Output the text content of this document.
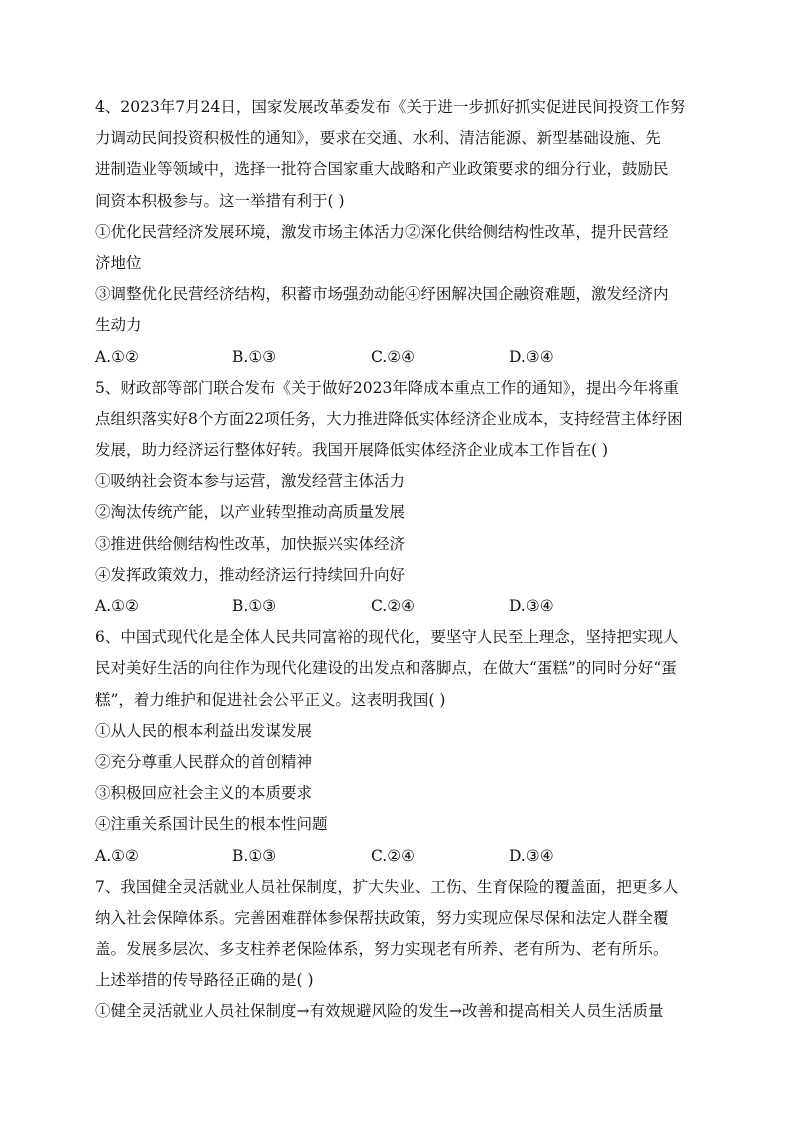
4、2023年7月24日，国家发展改革委发布《关于进一步抓好抓实促进民间投资工作努
力调动民间投资积极性的通知》，要求在交通、水利、清洁能源、新型基础设施、先
进制造业等领域中，选择一批符合国家重大战略和产业政策要求的细分行业，鼓励民
间资本积极参与。这一举措有利于( )
①优化民营经济发展环境，激发市场主体活力②深化供给侧结构性改革，提升民营经
济地位
③调整优化民营经济结构，积蓄市场强劲动能④纾困解决国企融资难题，激发经济内
生动力
A.①②	B.①③	C.②④	D.③④
5、财政部等部门联合发布《关于做好2023年降成本重点工作的通知》，提出今年将重
点组织落实好8个方面22项任务，大力推进降低实体经济企业成本，支持经营主体纾困
发展，助力经济运行整体好转。我国开展降低实体经济企业成本工作旨在( )
①吸纳社会资本参与运营，激发经营主体活力
②淘汰传统产能，以产业转型推动高质量发展
③推进供给侧结构性改革，加快振兴实体经济
④发挥政策效力，推动经济运行持续回升向好
A.①②	B.①③	C.②④	D.③④
6、中国式现代化是全体人民共同富裕的现代化，要坚守人民至上理念，坚持把实现人
民对美好生活的向往作为现代化建设的出发点和落脚点，在做大“蛋糕”的同时分好“蛋
糕”，着力维护和促进社会公平正义。这表明我国( )
①从人民的根本利益出发谋发展
②充分尊重人民群众的首创精神
③积极回应社会主义的本质要求
④注重关系国计民生的根本性问题
A.①②	B.①③	C.②④	D.③④
7、我国健全灵活就业人员社保制度，扩大失业、工伤、生育保险的覆盖面，把更多人
纳入社会保障体系。完善困难群体参保帮扶政策，努力实现应保尽保和法定人群全覆
盖。发展多层次、多支柱养老保险体系，努力实现老有所养、老有所为、老有所乐。
上述举措的传导路径正确的是( )
①健全灵活就业人员社保制度→有效规避风险的发生→改善和提高相关人员生活质量
